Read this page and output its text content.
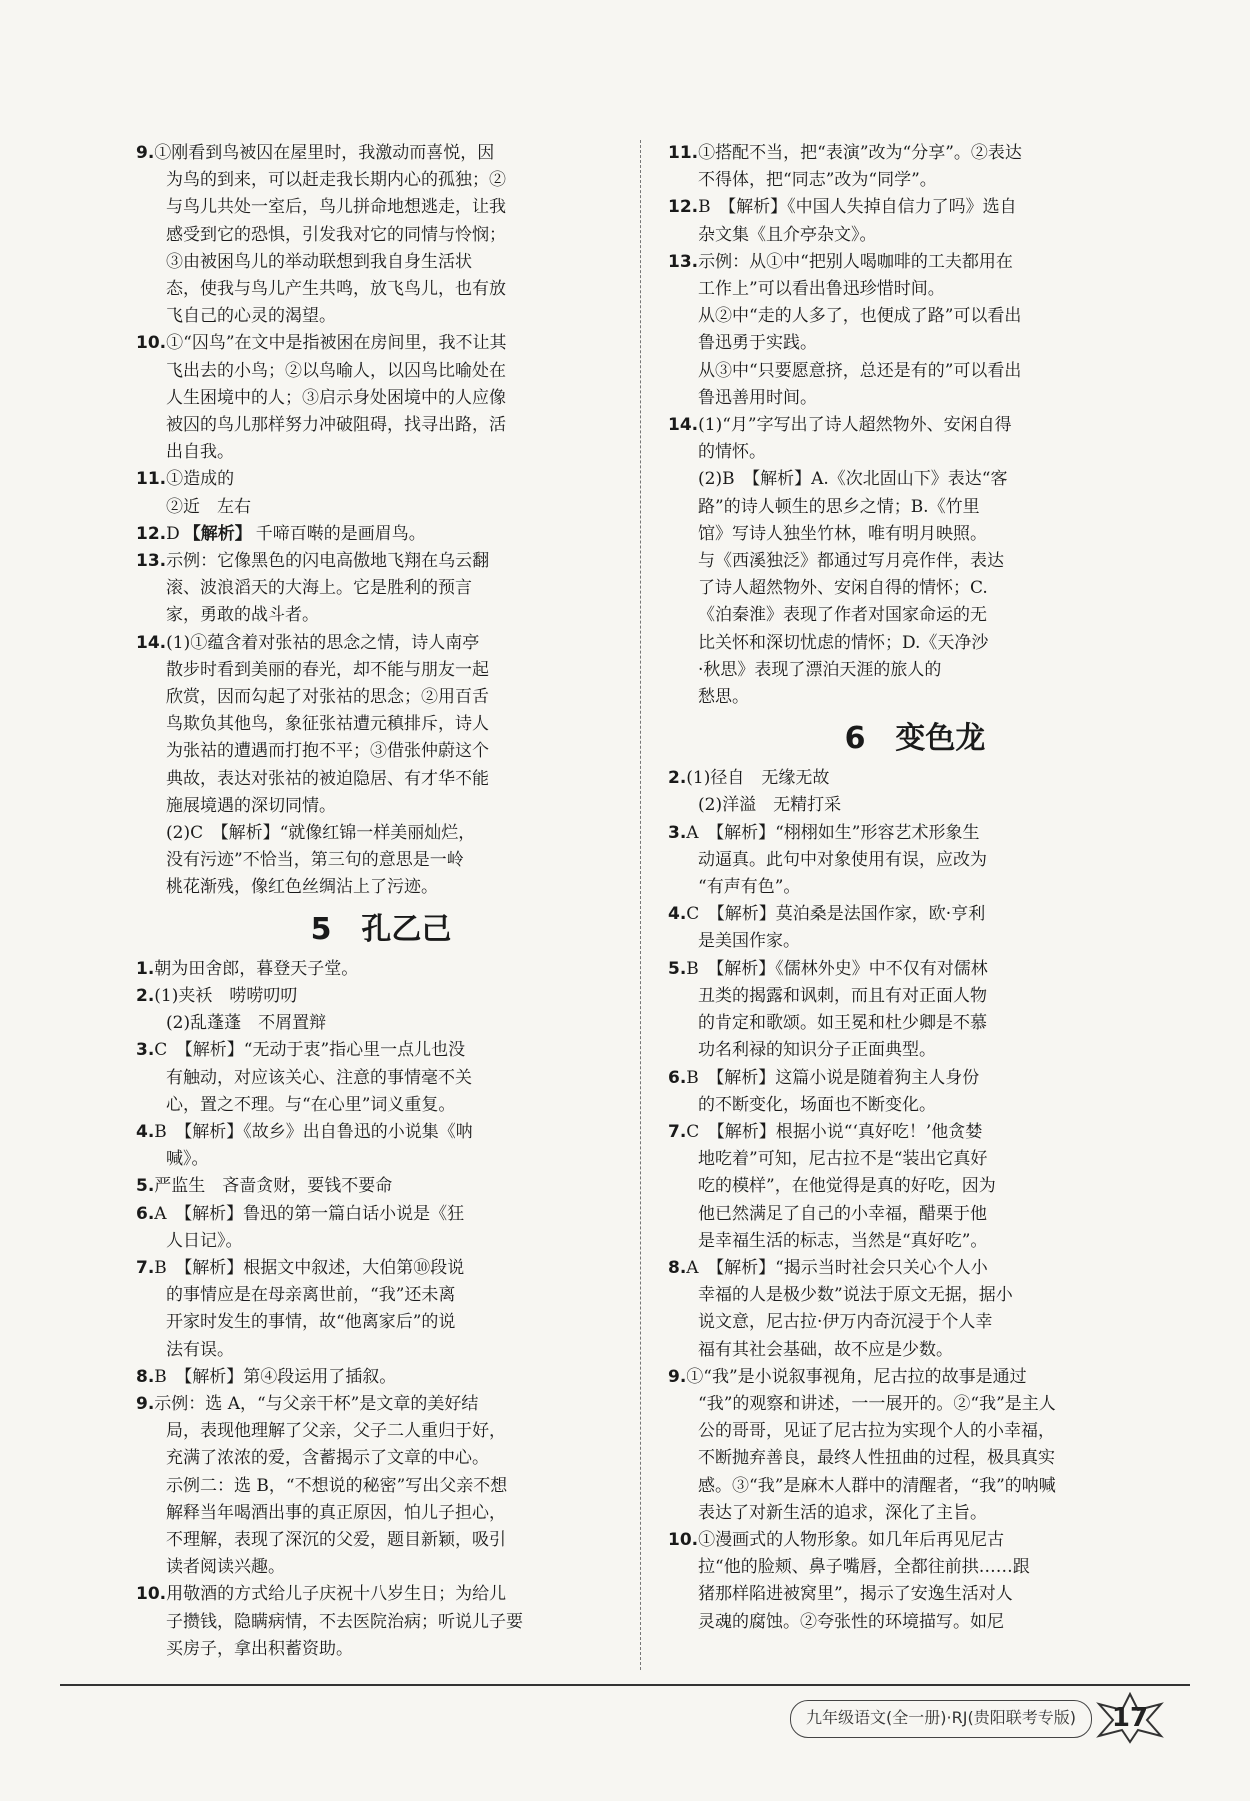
9.①刚看到鸟被囚在屋里时，我激动而喜悦，因
为鸟的到来，可以赶走我长期内心的孤独；②
与鸟儿共处一室后，鸟儿拼命地想逃走，让我
感受到它的恐惧，引发我对它的同情与怜悯；
③由被困鸟儿的举动联想到我自身生活状
态，使我与鸟儿产生共鸣，放飞鸟儿，也有放
飞自己的心灵的渴望。
10.①“囚鸟”在文中是指被困在房间里，我不让其
飞出去的小鸟；②以鸟喻人，以囚鸟比喻处在
人生困境中的人；③启示身处困境中的人应像
被囚的鸟儿那样努力冲破阻碍，找寻出路，活
出自我。
11.①造成的
②近　左右
12.D 【解析】 千啼百啭的是画眉鸟。
13.示例：它像黑色的闪电高傲地飞翔在乌云翻
滚、波浪滔天的大海上。它是胜利的预言
家，勇敢的战斗者。
14.(1)①蕴含着对张祜的思念之情，诗人南亭
散步时看到美丽的春光，却不能与朋友一起
欣赏，因而勾起了对张祜的思念；②用百舌
鸟欺负其他鸟，象征张祜遭元稹排斥，诗人
为张祜的遭遇而打抱不平；③借张仲蔚这个
典故，表达对张祜的被迫隐居、有才华不能
施展境遇的深切同情。
(2)C　【解析】“就像红锦一样美丽灿烂，
没有污迹”不恰当，第三句的意思是一岭
桃花渐残，像红色丝绸沾上了污迹。
5　孔乙己
1.朝为田舍郎，暮登天子堂。
2.(1)夹袄　唠唠叨叨
(2)乱蓬蓬　不屑置辩
3.C　【解析】“无动于衷”指心里一点儿也没
有触动，对应该关心、注意的事情毫不关
心，置之不理。与“在心里”词义重复。
4.B　【解析】《故乡》出自鲁迅的小说集《呐
喊》。
5.严监生　吝啬贪财，要钱不要命
6.A　【解析】鲁迅的第一篇白话小说是《狂
人日记》。
7.B　【解析】根据文中叙述，大伯第⑩段说
的事情应是在母亲离世前，“我”还未离
开家时发生的事情，故“他离家后”的说
法有误。
8.B　【解析】第④段运用了插叙。
9.示例：选 A，“与父亲干杯”是文章的美好结
局，表现他理解了父亲，父子二人重归于好，
充满了浓浓的爱，含蓄揭示了文章的中心。
示例二：选 B，“不想说的秘密”写出父亲不想
解释当年喝酒出事的真正原因，怕儿子担心，
不理解，表现了深沉的父爱，题目新颖，吸引
读者阅读兴趣。
10.用敬酒的方式给儿子庆祝十八岁生日；为给儿
子攒钱，隐瞒病情，不去医院治病；听说儿子要
买房子，拿出积蓄资助。
11.①搭配不当，把“表演”改为“分享”。②表达
不得体，把“同志”改为“同学”。
12.B　【解析】《中国人失掉自信力了吗》选自
杂文集《且介亭杂文》。
13.示例：从①中“把别人喝咖啡的工夫都用在
工作上”可以看出鲁迅珍惜时间。
从②中“走的人多了，也便成了路”可以看出
鲁迅勇于实践。
从③中“只要愿意挤，总还是有的”可以看出
鲁迅善用时间。
14.(1)“月”字写出了诗人超然物外、安闲自得
的情怀。
(2)B　【解析】A.《次北固山下》表达“客
路”的诗人顿生的思乡之情；B.《竹里
馆》写诗人独坐竹林，唯有明月映照。
与《西溪独泛》都通过写月亮作伴，表达
了诗人超然物外、安闲自得的情怀；C.
《泊秦淮》表现了作者对国家命运的无
比关怀和深切忧虑的情怀；D.《天净沙
·秋思》表现了漂泊天涯的旅人的
愁思。
6　变色龙
2.(1)径自　无缘无故
(2)洋溢　无精打采
3.A　【解析】“栩栩如生”形容艺术形象生
动逼真。此句中对象使用有误，应改为
“有声有色”。
4.C　【解析】莫泊桑是法国作家，欧·亨利
是美国作家。
5.B　【解析】《儒林外史》中不仅有对儒林
丑类的揭露和讽刺，而且有对正面人物
的肯定和歌颂。如王冕和杜少卿是不慕
功名利禄的知识分子正面典型。
6.B　【解析】这篇小说是随着狗主人身份
的不断变化，场面也不断变化。
7.C　【解析】根据小说“‘真好吃！’他贪婪
地吃着”可知，尼古拉不是“装出它真好
吃的模样”，在他觉得是真的好吃，因为
他已然满足了自己的小幸福，醋栗于他
是幸福生活的标志，当然是“真好吃”。
8.A　【解析】“揭示当时社会只关心个人小
幸福的人是极少数”说法于原文无据，据小
说文意，尼古拉·伊万内奇沉浸于个人幸
福有其社会基础，故不应是少数。
9.①“我”是小说叙事视角，尼古拉的故事是通过
“我”的观察和讲述，一一展开的。②“我”是主人
公的哥哥，见证了尼古拉为实现个人的小幸福，
不断抛弃善良，最终人性扭曲的过程，极具真实
感。③“我”是麻木人群中的清醒者，“我”的呐喊
表达了对新生活的追求，深化了主旨。
10.①漫画式的人物形象。如几年后再见尼古
拉“他的脸颊、鼻子嘴唇，全都往前拱……跟
猪那样陷进被窝里”，揭示了安逸生活对人
灵魂的腐蚀。②夸张性的环境描写。如尼
九年级语文(全一册)·RJ(贵阳联考专版)	17
